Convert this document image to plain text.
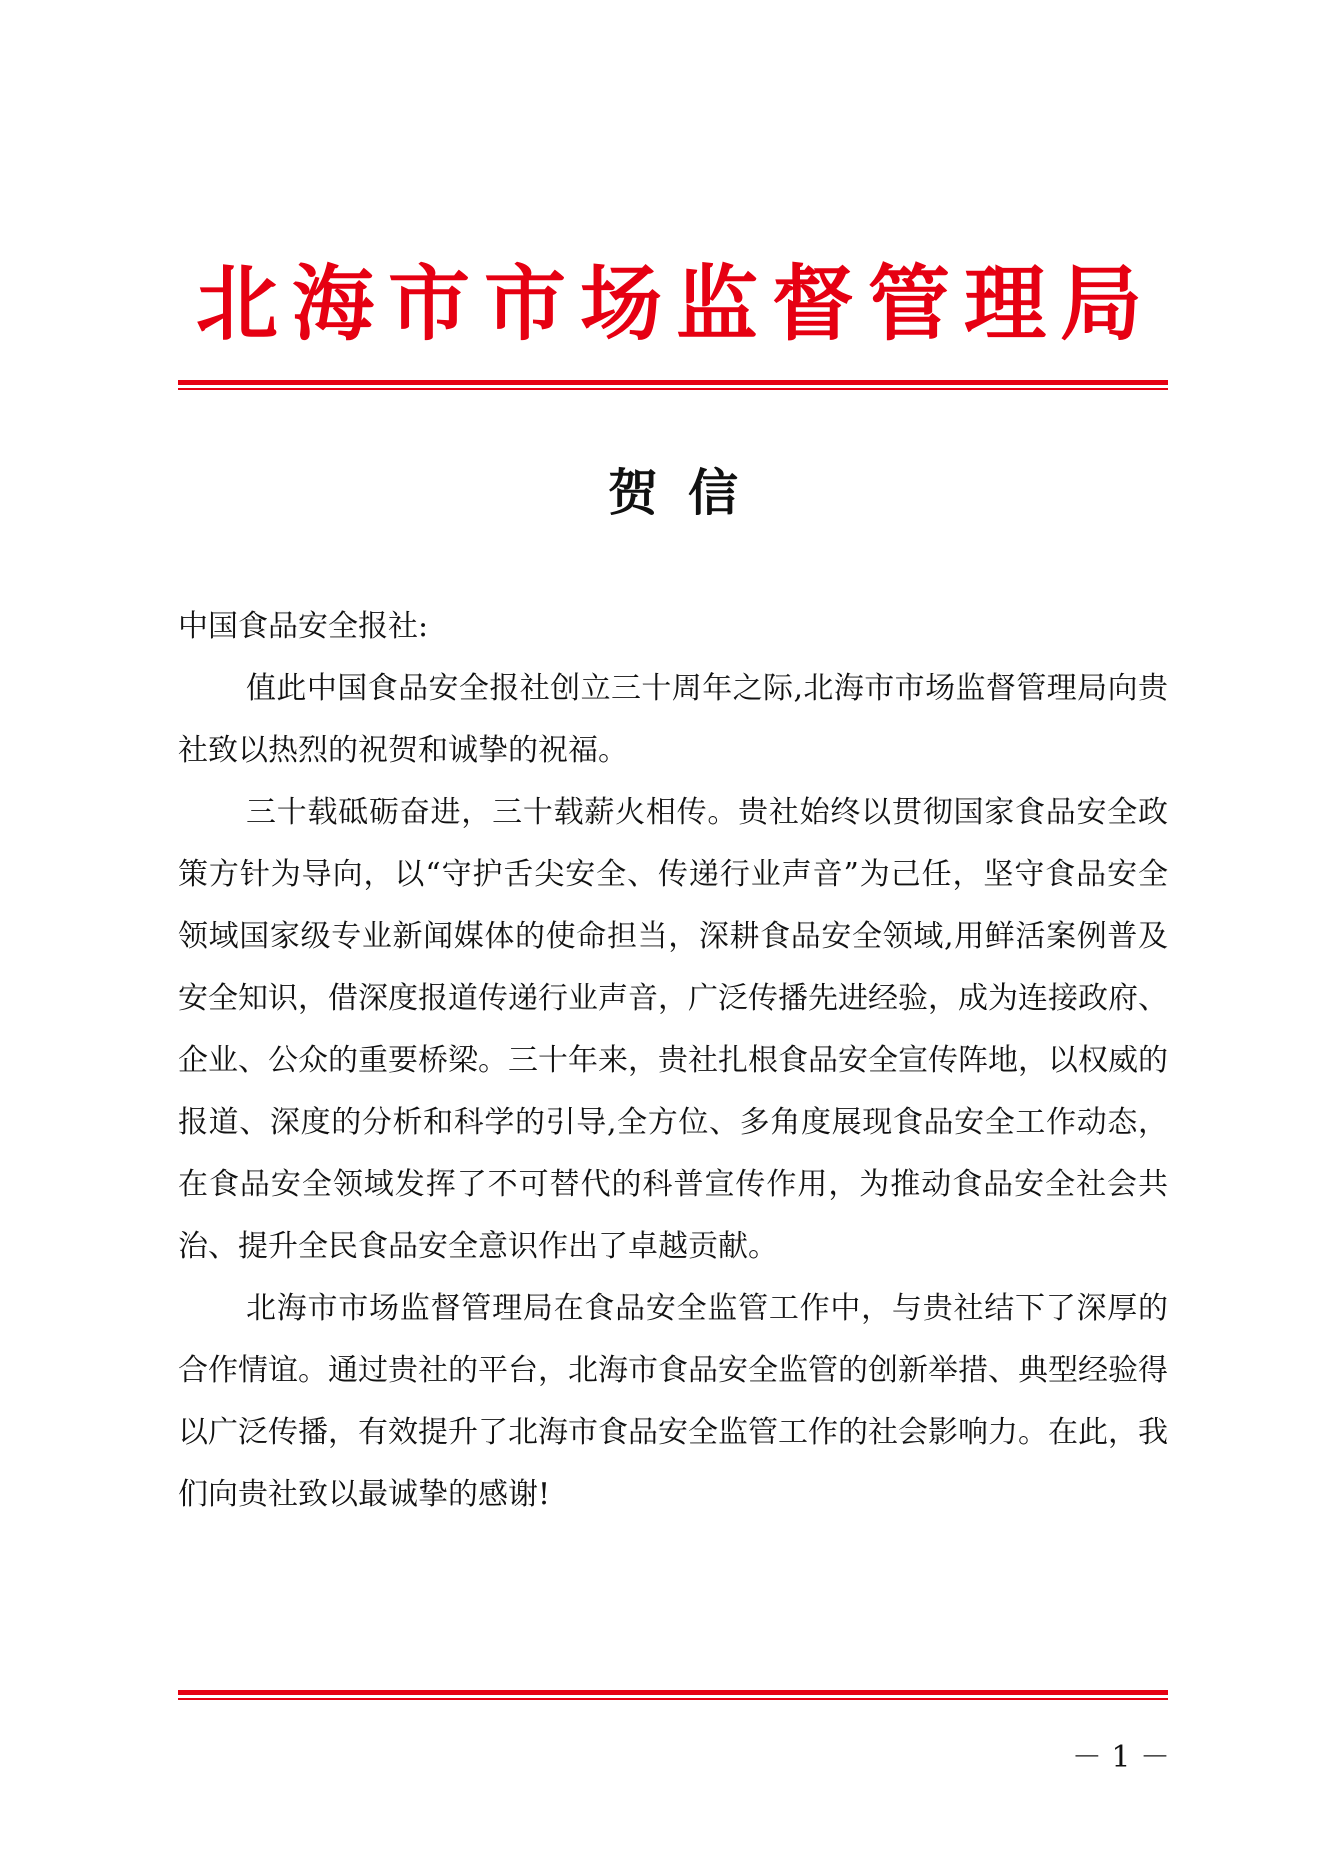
北海市市场监督管理局
贺信

中国食品安全报社:

值此中国食品安全报社创立三十周年之际,北海市市场监督管理局向贵社致以热烈的祝贺和诚挚的祝福。

三十载砥砺奋进，三十载薪火相传。贵社始终以贯彻国家食品安全政策方针为导向，以“守护舌尖安全、传递行业声音”为己任，坚守食品安全领域国家级专业新闻媒体的使命担当，深耕食品安全领域,用鲜活案例普及安全知识，借深度报道传递行业声音，广泛传播先进经验，成为连接政府、企业、公众的重要桥梁。三十年来，贵社扎根食品安全宣传阵地，以权威的报道、深度的分析和科学的引导,全方位、多角度展现食品安全工作动态，在食品安全领域发挥了不可替代的科普宣传作用，为推动食品安全社会共治、提升全民食品安全意识作出了卓越贡献。

北海市市场监督管理局在食品安全监管工作中，与贵社结下了深厚的合作情谊。通过贵社的平台，北海市食品安全监管的创新举措、典型经验得以广泛传播，有效提升了北海市食品安全监管工作的社会影响力。在此，我们向贵社致以最诚挚的感谢!

－ 1 －
